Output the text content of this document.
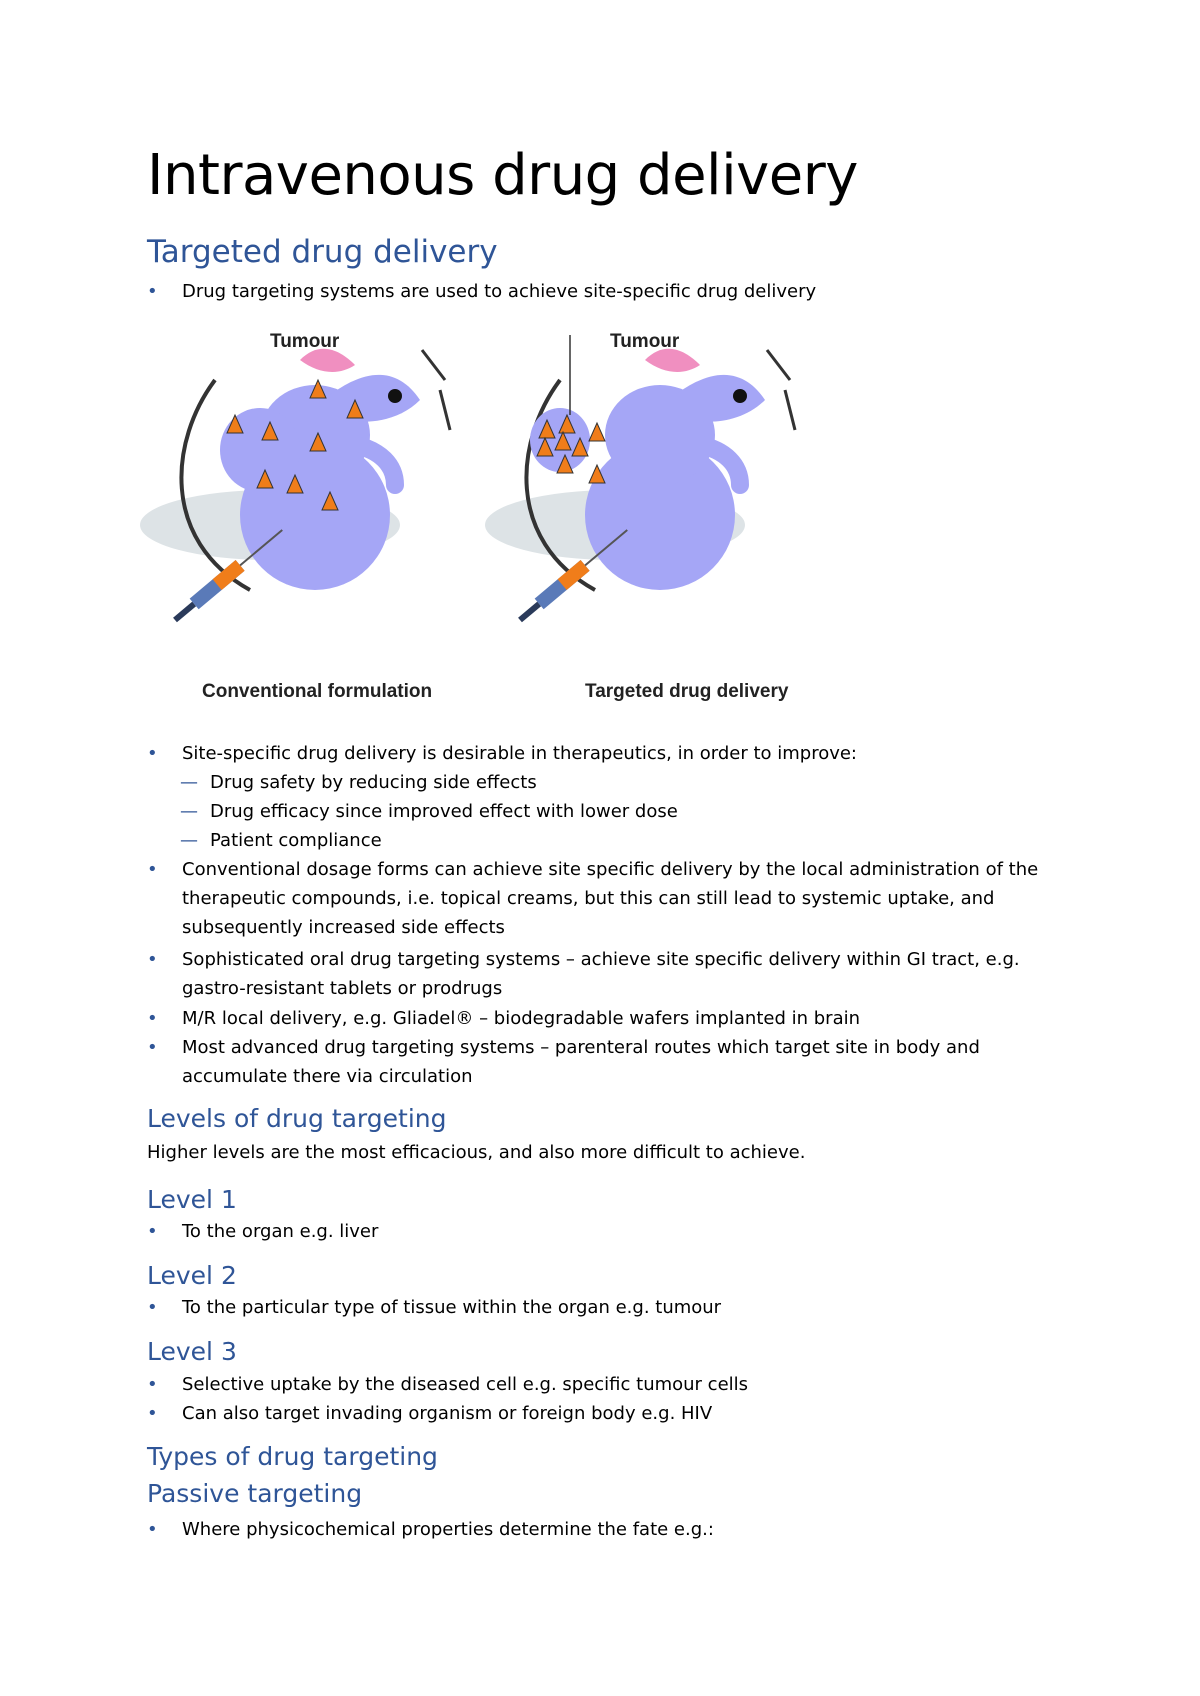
Intravenous drug delivery
Targeted drug delivery
• Drug targeting systems are used to achieve site-specific drug delivery
Tumour	Tumour
Conventional formulation	Targeted drug delivery
• Site-specific drug delivery is desirable in therapeutics, in order to improve:
— Drug safety by reducing side effects
— Drug efficacy since improved effect with lower dose
— Patient compliance
• Conventional dosage forms can achieve site specific delivery by the local administration of the therapeutic compounds, i.e. topical creams, but this can still lead to systemic uptake, and subsequently increased side effects
• Sophisticated oral drug targeting systems – achieve site specific delivery within GI tract, e.g. gastro-resistant tablets or prodrugs
• M/R local delivery, e.g. Gliadel® – biodegradable wafers implanted in brain
• Most advanced drug targeting systems – parenteral routes which target site in body and accumulate there via circulation
Levels of drug targeting

Higher levels are the most efficacious, and also more difficult to achieve.

Level 1
• To the organ e.g. liver
Level 2
• To the particular type of tissue within the organ e.g. tumour
Level 3
• Selective uptake by the diseased cell e.g. specific tumour cells
• Can also target invading organism or foreign body e.g. HIV
Types of drug targeting
Passive targeting
• Where physicochemical properties determine the fate e.g.:
